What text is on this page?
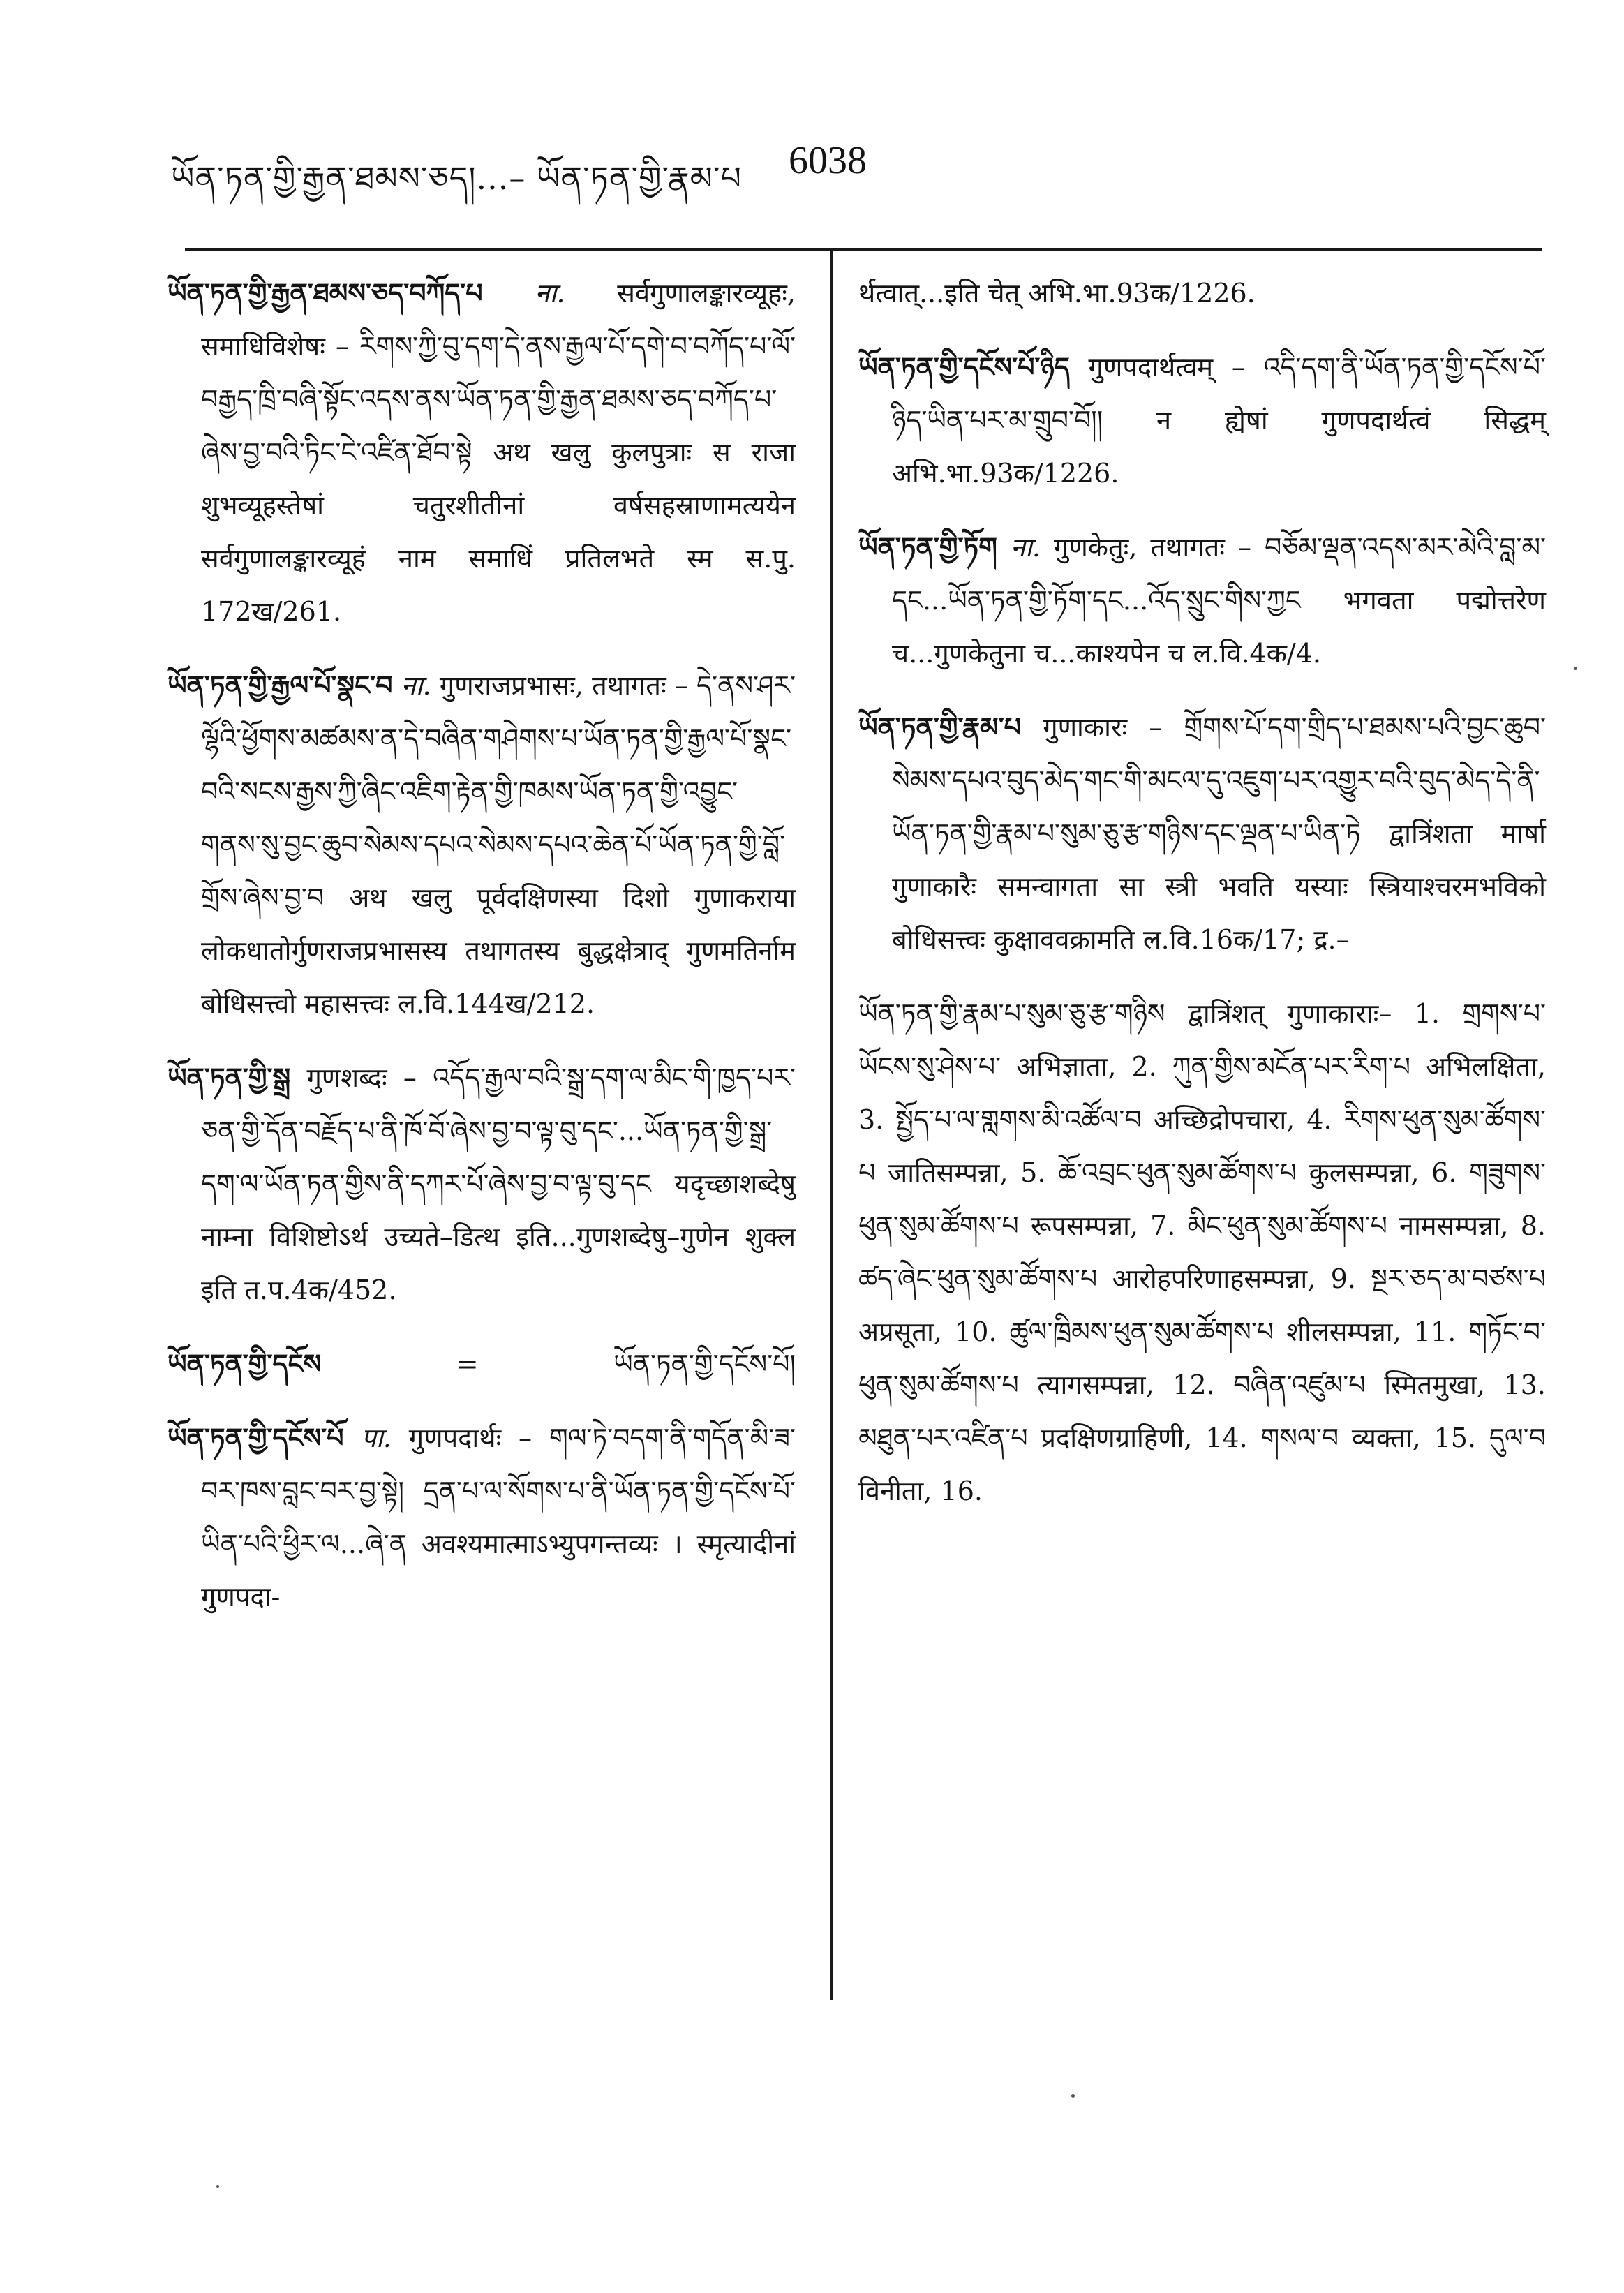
ཡོན་ཏན་གྱི་རྒྱན་ཐམས་ཅད།...– ཡོན་ཏན་གྱི་རྣམ་པ 6038

ཡོན་ཏན་གྱི་རྒྱན་ཐམས་ཅད་བཀོད་པ ना. सर्वगुणालङ्कारव्यूहः, समाधिविशेषः – རིགས་ཀྱི་བུ་དག་དེ་ནས་རྒྱལ་པོ་དགེ་བ་བཀོད་པ་ལོ་བརྒྱད་ཁྲི་བཞི་སྟོང་འདས་ནས་ཡོན་ཏན་གྱི་རྒྱན་ཐམས་ཅད་བཀོད་པ་ཞེས་བྱ་བའི་ཏིང་ངེ་འཛིན་ཐོབ་སྟེ अथ खलु कुलपुत्राः स राजा शुभव्यूहस्तेषां चतुरशीतीनां वर्षसहस्राणामत्ययेन सर्वगुणालङ्कारव्यूहं नाम समाधिं प्रतिलभते स्म स.पु. 172ख/261.

ཡོན་ཏན་གྱི་རྒྱལ་པོ་སྣང་བ ना. गुणराजप्रभासः, तथागतः – དེ་ནས་ཤར་ལྷོའི་ཕྱོགས་མཚམས་ན་དེ་བཞིན་གཤེགས་པ་ཡོན་ཏན་གྱི་རྒྱལ་པོ་སྣང་བའི་སངས་རྒྱས་ཀྱི་ཞིང་འཇིག་རྟེན་གྱི་ཁམས་ཡོན་ཏན་གྱི་འབྱུང་གནས་སུ་བྱང་ཆུབ་སེམས་དཔའ་སེམས་དཔའ་ཆེན་པོ་ཡོན་ཏན་གྱི་བློ་གྲོས་ཞེས་བྱ་བ अथ खलु पूर्वदक्षिणस्या दिशो गुणाकराया लोकधातोर्गुणराजप्रभासस्य तथागतस्य बुद्धक्षेत्राद् गुणमतिर्नाम बोधिसत्त्वो महासत्त्वः ल.वि.144ख/212.

ཡོན་ཏན་གྱི་སྒྲ गुणशब्दः – འདོད་རྒྱལ་བའི་སྒྲ་དག་ལ་མིང་གི་ཁྱད་པར་ཅན་གྱི་དོན་བརྗོད་པ་ནི་ཁོ་བོ་ཞེས་བྱ་བ་ལྟ་བུ་དང་...ཡོན་ཏན་གྱི་སྒྲ་དག་ལ་ཡོན་ཏན་གྱིས་ནི་དཀར་པོ་ཞེས་བྱ་བ་ལྟ་བུ་དང यदृच्छाशब्देषु नाम्ना विशिष्टोऽर्थ उच्यते–डित्थ इति...गुणशब्देषु–गुणेन शुक्ल इति त.प.4क/452.

ཡོན་ཏན་གྱི་དངོས	=	ཡོན་ཏན་གྱི་དངོས་པོ།

ཡོན་ཏན་གྱི་དངོས་པོ पा. गुणपदार्थः – གལ་ཏེ་བདག་ནི་གདོན་མི་ཟ་བར་ཁས་བླང་བར་བྱ་སྟེ། དྲན་པ་ལ་སོགས་པ་ནི་ཡོན་ཏན་གྱི་དངོས་པོ་ཡིན་པའི་ཕྱིར་ལ...ཞེ་ན अवश्यमात्माऽभ्युपगन्तव्यः । स्मृत्यादीनां गुणपदा-

र्थत्वात्...इति चेत् अभि.भा.93क/1226.

ཡོན་ཏན་གྱི་དངོས་པོ་ཉིད गुणपदार्थत्वम् – འདི་དག་ནི་ཡོན་ཏན་གྱི་དངོས་པོ་ཉིད་ཡིན་པར་མ་གྲུབ་བོ།། न ह्येषां गुणपदार्थत्वं सिद्धम् अभि.भा.93क/1226.

ཡོན་ཏན་གྱི་ཏོག ना. गुणकेतुः, तथागतः – བཅོམ་ལྡན་འདས་མར་མེའི་བླ་མ་དང...ཡོན་ཏན་གྱི་ཏོག་དང...འོད་སྲུང་གིས་ཀྱང भगवता पद्मोत्तरेण च...गुणकेतुना च...काश्यपेन च ल.वि.4क/4.

ཡོན་ཏན་གྱི་རྣམ་པ गुणाकारः – གྲོགས་པོ་དག་གྲིད་པ་ཐམས་པའི་བྱང་ཆུབ་སེམས་དཔའ་བུད་མེད་གང་གི་མངལ་དུ་འཇུག་པར་འགྱུར་བའི་བུད་མེད་དེ་ནི་ཡོན་ཏན་གྱི་རྣམ་པ་སུམ་ཅུ་རྩ་གཉིས་དང་ལྡན་པ་ཡིན་ཏེ द्वात्रिंशता मार्षा गुणाकारैः समन्वागता सा स्त्री भवति यस्याः स्त्रियाश्चरमभविको बोधिसत्त्वः कुक्षाववक्रामति ल.वि.16क/17; द्र.–

ཡོན་ཏན་གྱི་རྣམ་པ་སུམ་ཅུ་རྩ་གཉིས द्वात्रिंशत् गुणाकाराः– 1. གྲགས་པ་ཡོངས་སུ་ཤེས་པ་ अभिज्ञाता, 2. ཀུན་གྱིས་མངོན་པར་རིག་པ अभिलक्षिता, 3. སྤྱོད་པ་ལ་གླགས་མི་འཚོལ་བ अच्छिद्रोपचारा, 4. རིགས་ཕུན་སུམ་ཚོགས་པ जातिसम्पन्ना, 5. ཆོ་འབྲང་ཕུན་སུམ་ཚོགས་པ कुलसम्पन्ना, 6. གཟུགས་ཕུན་སུམ་ཚོགས་པ रूपसम्पन्ना, 7. མིང་ཕུན་སུམ་ཚོགས་པ नामसम्पन्ना, 8. ཚད་ཞེང་ཕུན་སུམ་ཚོགས་པ आरोहपरिणाहसम्पन्ना, 9. སྔར་ཅད་མ་བཙས་པ अप्रसूता, 10. ཚུལ་ཁྲིམས་ཕུན་སུམ་ཚོགས་པ शीलसम्पन्ना, 11. གཏོང་བ་ཕུན་སུམ་ཚོགས་པ त्यागसम्पन्ना, 12. བཞིན་འཛུམ་པ स्मितमुखा, 13. མཐུན་པར་འཛིན་པ प्रदक्षिणग्राहिणी, 14. གསལ་བ व्यक्ता, 15. དུལ་བ विनीता, 16.
